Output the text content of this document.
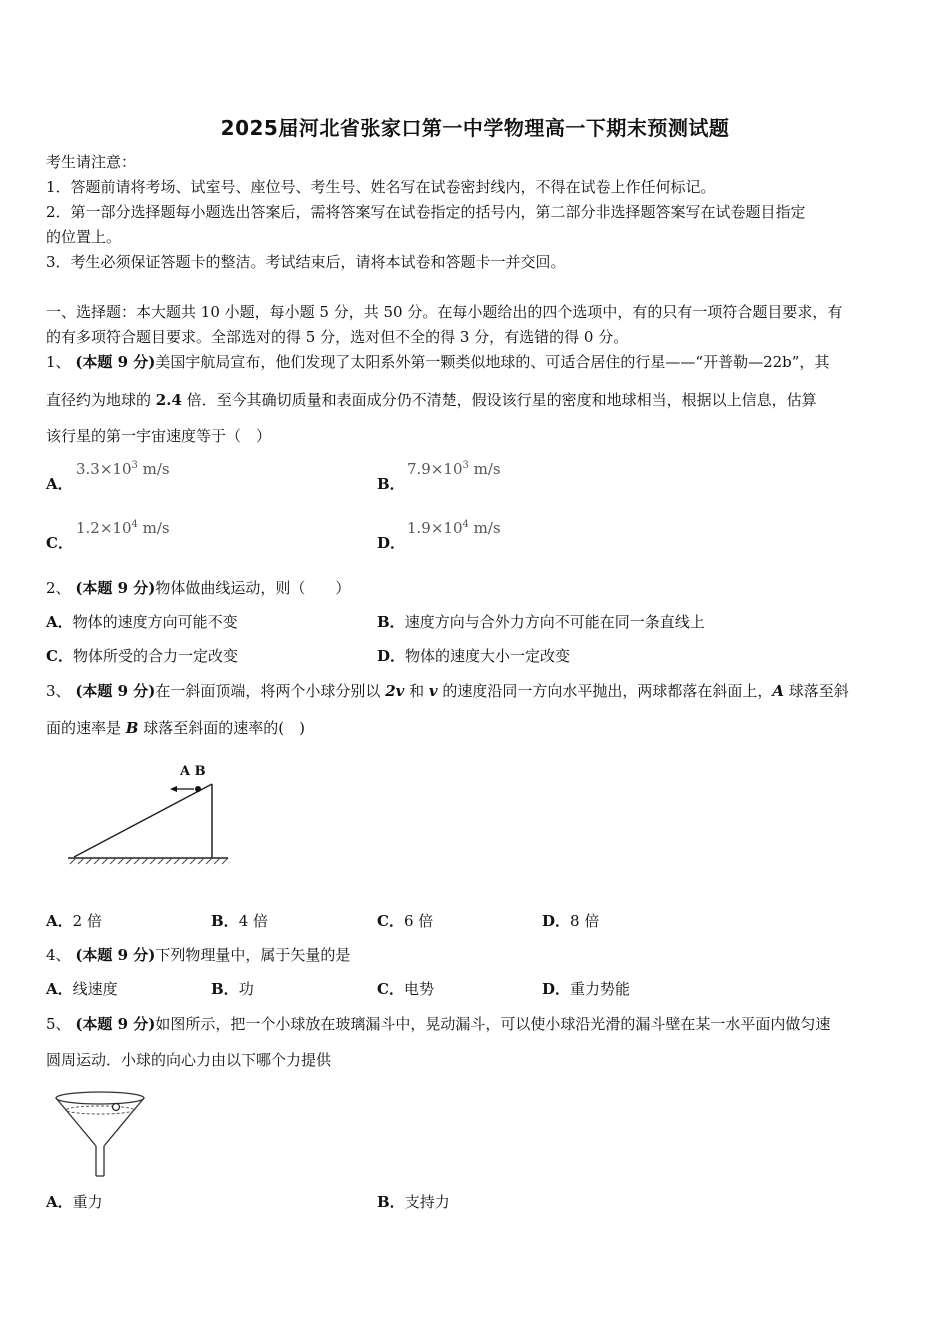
2025届河北省张家口第一中学物理高一下期末预测试题
考生请注意：
1．答题前请将考场、试室号、座位号、考生号、姓名写在试卷密封线内，不得在试卷上作任何标记。
2．第一部分选择题每小题选出答案后，需将答案写在试卷指定的括号内，第二部分非选择题答案写在试卷题目指定
的位置上。
3．考生必须保证答题卡的整洁。考试结束后，请将本试卷和答题卡一并交回。
一、选择题：本大题共 10 小题，每小题 5 分，共 50 分。在每小题给出的四个选项中，有的只有一项符合题目要求，有
的有多项符合题目要求。全部选对的得 5 分，选对但不全的得 3 分，有选错的得 0 分。
1、 (本题 9 分)美国宇航局宣布，他们发现了太阳系外第一颗类似地球的、可适合居住的行星——“开普勒—22b”，其
直径约为地球的 2.4 倍．至今其确切质量和表面成分仍不清楚，假设该行星的密度和地球相当，根据以上信息，估算
该行星的第一宇宙速度等于（　）
A．
$3.3\times 10^3$ m/s
B．
$7.9\times 10^3$ m/s
C．
$1.2\times 10^4$ m/s
D．
$1.9\times 10^4$ m/s
2、 (本题 9 分)物体做曲线运动，则（　　）
A．物体的速度方向可能不变	B．速度方向与合外力方向不可能在同一条直线上
C．物体所受的合力一定改变	D．物体的速度大小一定改变
3、 (本题 9 分)在一斜面顶端，将两个小球分别以 2v 和 v 的速度沿同一方向水平抛出，两球都落在斜面上，A 球落至斜
面的速率是 B 球落至斜面的速率的(　)
A B
A．2 倍	B．4 倍	C．6 倍	D．8 倍
4、 (本题 9 分)下列物理量中，属于矢量的是
A．线速度	B．功	C．电势	D．重力势能
5、 (本题 9 分)如图所示，把一个小球放在玻璃漏斗中，晃动漏斗，可以使小球沿光滑的漏斗壁在某一水平面内做匀速
圆周运动．小球的向心力由以下哪个力提供
A．重力	B．支持力
